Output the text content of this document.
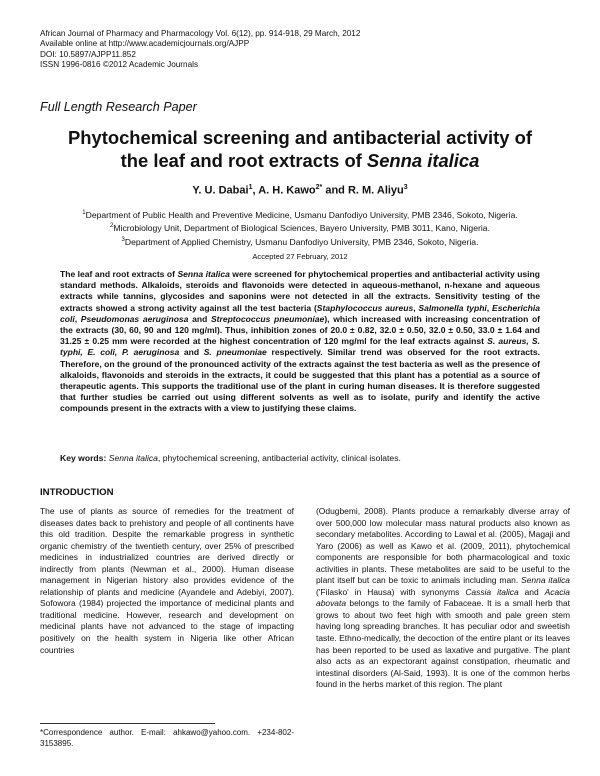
African Journal of Pharmacy and Pharmacology Vol. 6(12), pp. 914-918, 29 March, 2012
Available online at http://www.academicjournals.org/AJPP
DOI: 10.5897/AJPP11.852
ISSN 1996-0816 ©2012 Academic Journals
Full Length Research Paper
Phytochemical screening and antibacterial activity of
the leaf and root extracts of Senna italica
Y. U. Dabai$^1$, A. H. Kawo$^{2*}$ and R. M. Aliyu$^3$
$^1$Department of Public Health and Preventive Medicine, Usmanu Danfodiyo University, PMB 2346, Sokoto, Nigeria.
$^2$Microbiology Unit, Department of Biological Sciences, Bayero University, PMB 3011, Kano, Nigeria.
$^3$Department of Applied Chemistry, Usmanu Danfodiyo University, PMB 2346, Sokoto, Nigeria.
Accepted 27 February, 2012
The leaf and root extracts of Senna italica were screened for phytochemical properties and antibacterial activity using standard methods. Alkaloids, steroids and flavonoids were detected in aqueous-methanol, n-hexane and aqueous extracts while tannins, glycosides and saponins were not detected in all the extracts. Sensitivity testing of the extracts showed a strong activity against all the test bacteria (Staphylococcus aureus, Salmonella typhi, Escherichia coli, Pseudomonas aeruginosa and Streptococcus pneumoniae), which increased with increasing concentration of the extracts (30, 60, 90 and 120 mg/ml). Thus, inhibition zones of 20.0 ± 0.82, 32.0 ± 0.50, 32.0 ± 0.50, 33.0 ± 1.64 and 31.25 ± 0.25 mm were recorded at the highest concentration of 120 mg/ml for the leaf extracts against S. aureus, S. typhi, E. coli, P. aeruginosa and S. pneumoniae respectively. Similar trend was observed for the root extracts. Therefore, on the ground of the pronounced activity of the extracts against the test bacteria as well as the presence of alkaloids, flavonoids and steroids in the extracts, it could be suggested that this plant has a potential as a source of therapeutic agents. This supports the traditional use of the plant in curing human diseases. It is therefore suggested that further studies be carried out using different solvents as well as to isolate, purify and identify the active compounds present in the extracts with a view to justifying these claims.
Key words: Senna italica, phytochemical screening, antibacterial activity, clinical isolates.
INTRODUCTION
The use of plants as source of remedies for the treatment of diseases dates back to prehistory and people of all continents have this old tradition. Despite the remarkable progress in synthetic organic chemistry of the twentieth century, over 25% of prescribed medicines in industrialized countries are derived directly or indirectly from plants (Newman et al., 2000). Human disease management in Nigerian history also provides evidence of the relationship of plants and medicine (Ayandele and Adebiyi, 2007). Sofowora (1984) projected the importance of medicinal plants and traditional medicine. However, research and development on medicinal plants have not advanced to the stage of impacting positively on the health system in Nigeria like other African countries
(Odugbemi, 2008). Plants produce a remarkably diverse array of over 500,000 low molecular mass natural products also known as secondary metabolites. According to Lawal et al. (2005), Magaji and Yaro (2006) as well as Kawo et al. (2009, 2011), phytochemical components are responsible for both pharmacological and toxic activities in plants. These metabolites are said to be useful to the plant itself but can be toxic to animals including man. Senna italica ('Filasko' in Hausa) with synonyms Cassia italica and Acacia abovata belongs to the family of Fabaceae. It is a small herb that grows to about two feet high with smooth and pale green stem having long spreading branches. It has peculiar odor and sweetish taste. Ethno-medically, the decoction of the entire plant or its leaves has been reported to be used as laxative and purgative. The plant also acts as an expectorant against constipation, rheumatic and intestinal disorders (Al-Said, 1993). It is one of the common herbs found in the herbs market of this region. The plant
*Correspondence author. E-mail: ahkawo@yahoo.com. +234-802-3153895.
